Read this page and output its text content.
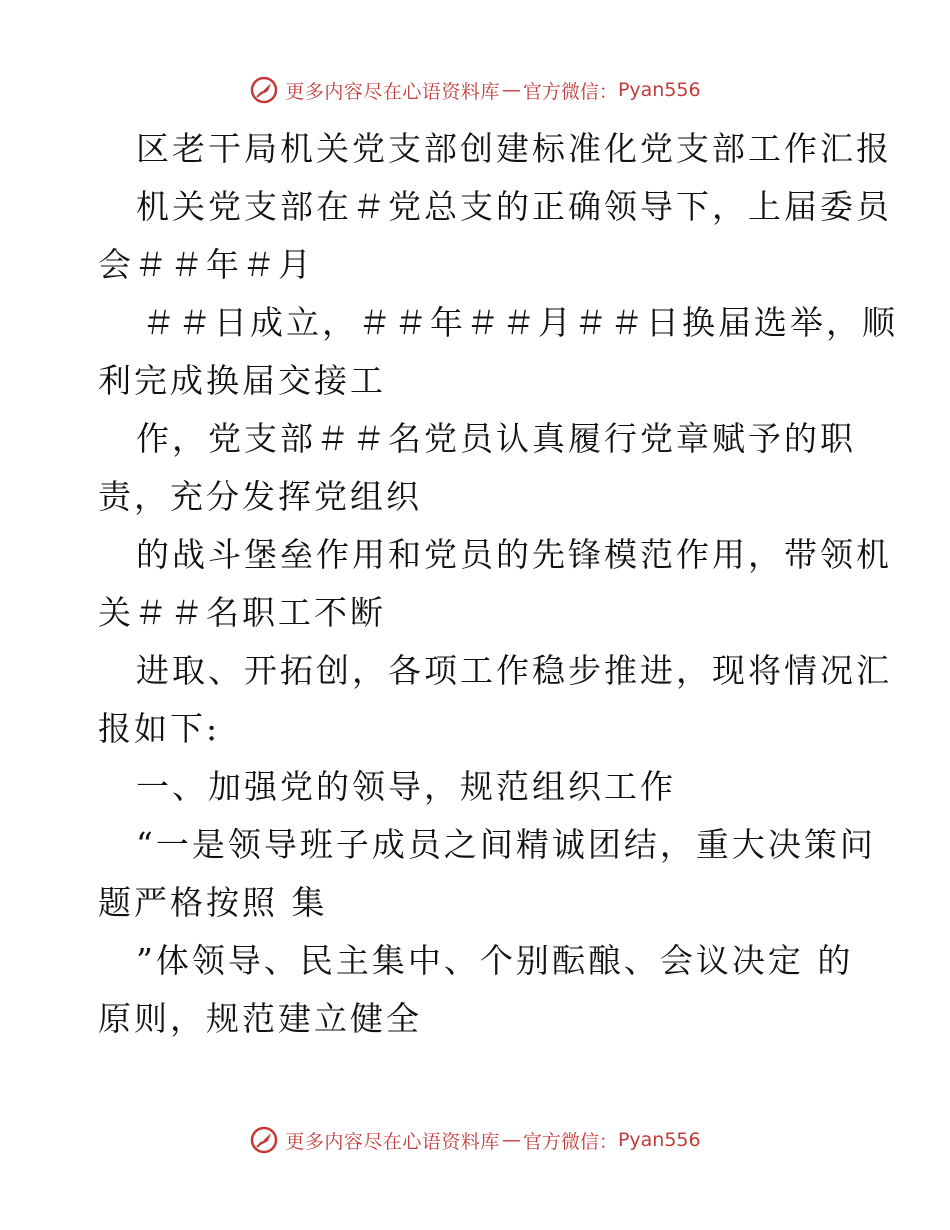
更多内容尽在心语资料库 — 官方微信： Pyan556
区老干局机关党支部创建标准化党支部工作汇报
机关党支部在＃党总支的正确领导下，上届委员
会＃＃年＃月
＃＃日成立，＃＃年＃＃月＃＃日换届选举，顺
利完成换届交接工
作，党支部＃＃名党员认真履行党章赋予的职
责，充分发挥党组织
的战斗堡垒作用和党员的先锋模范作用，带领机
关＃＃名职工不断
进取、开拓创，各项工作稳步推进，现将情况汇
报如下:
一、加强党的领导，规范组织工作
“一是领导班子成员之间精诚团结，重大决策问
题严格按照 集
”体领导、民主集中、个别酝酿、会议决定 的
原则，规范建立健全
更多内容尽在心语资料库 — 官方微信： Pyan556
